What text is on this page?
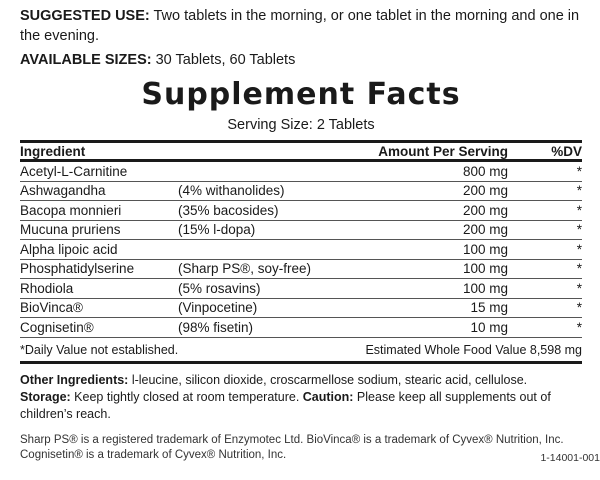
SUGGESTED USE: Two tablets in the morning, or one tablet in the morning and one in the evening.
AVAILABLE SIZES: 30 Tablets, 60 Tablets
Supplement Facts
Serving Size: 2 Tablets
Ingredient		Amount Per Serving	%DV
Acetyl-L-Carnitine		800 mg	*
Ashwagandha	(4% withanolides)	200 mg	*
Bacopa monnieri	(35% bacosides)	200 mg	*
Mucuna pruriens	(15% l-dopa)	200 mg	*
Alpha lipoic acid		100 mg	*
Phosphatidylserine	(Sharp PS®, soy-free)	100 mg	*
Rhodiola	(5% rosavins)	100 mg	*
BioVinca®	(Vinpocetine)	15 mg	*
Cognisetin®	(98% fisetin)	10 mg	*
*Daily Value not established.	Estimated Whole Food Value 8,598 mg
Other Ingredients: l-leucine, silicon dioxide, croscarmellose sodium, stearic acid, cellulose.
Storage: Keep tightly closed at room temperature. Caution: Please keep all supplements out of children’s reach.
Sharp PS® is a registered trademark of Enzymotec Ltd. BioVinca® is a trademark of Cyvex® Nutrition, Inc.
Cognisetin® is a trademark of Cyvex® Nutrition, Inc.	1-14001-001
